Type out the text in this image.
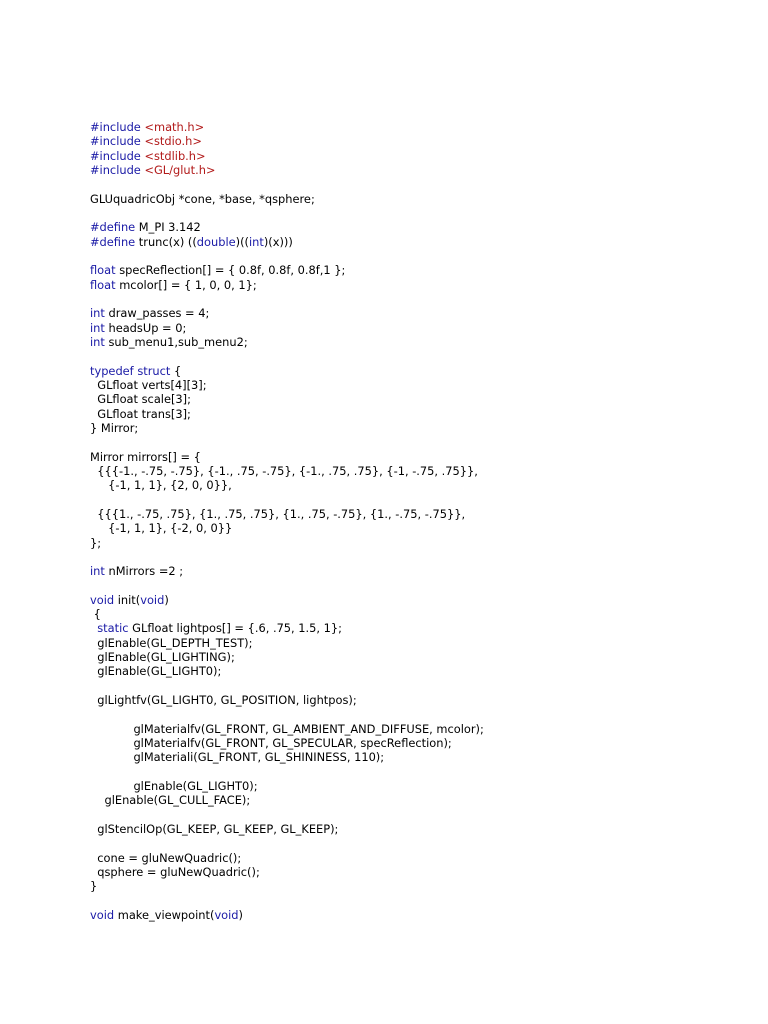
#include <math.h>
#include <stdio.h>
#include <stdlib.h>
#include <GL/glut.h>
GLUquadricObj *cone, *base, *qsphere;
#define M_PI 3.142
#define trunc(x) ((double)((int)(x)))
float specReflection[] = { 0.8f, 0.8f, 0.8f,1 };
float mcolor[] = { 1, 0, 0, 1};
int draw_passes = 4;
int headsUp = 0;
int sub_menu1,sub_menu2;
typedef struct {
GLfloat verts[4][3];
GLfloat scale[3];
GLfloat trans[3];
} Mirror;
Mirror mirrors[] = {
{{{-1., -.75, -.75}, {-1., .75, -.75}, {-1., .75, .75}, {-1, -.75, .75}},
{-1, 1, 1}, {2, 0, 0}},
{{{1., -.75, .75}, {1., .75, .75}, {1., .75, -.75}, {1., -.75, -.75}},
{-1, 1, 1}, {-2, 0, 0}}
};
int nMirrors =2 ;
void init(void)
{
static GLfloat lightpos[] = {.6, .75, 1.5, 1};
glEnable(GL_DEPTH_TEST);
glEnable(GL_LIGHTING);
glEnable(GL_LIGHT0);
glLightfv(GL_LIGHT0, GL_POSITION, lightpos);
glMaterialfv(GL_FRONT, GL_AMBIENT_AND_DIFFUSE, mcolor);
glMaterialfv(GL_FRONT, GL_SPECULAR, specReflection);
glMateriali(GL_FRONT, GL_SHININESS, 110);
glEnable(GL_LIGHT0);
glEnable(GL_CULL_FACE);
glStencilOp(GL_KEEP, GL_KEEP, GL_KEEP);
cone = gluNewQuadric();
qsphere = gluNewQuadric();
}
void make_viewpoint(void)
